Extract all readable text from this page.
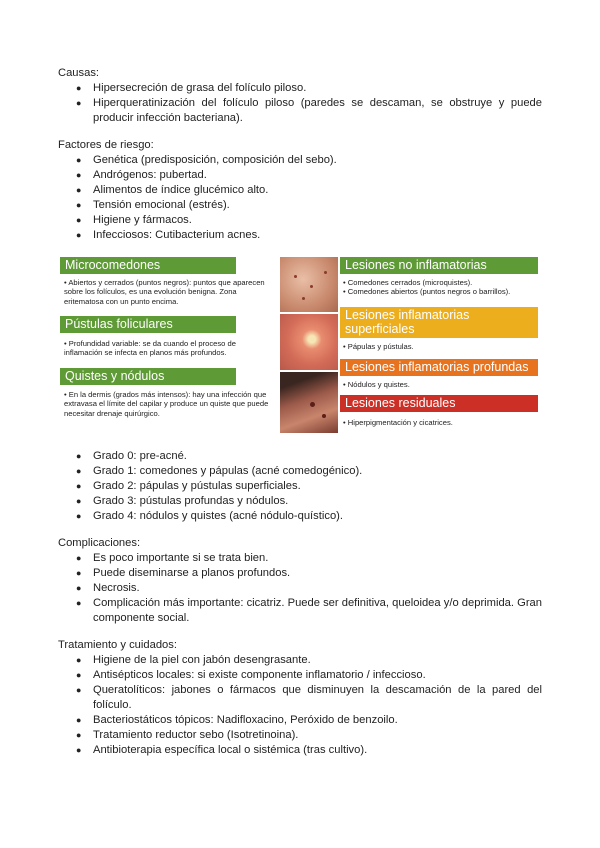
Causas:

● Hipersecreción de grasa del folículo piloso.
● Hiperqueratinización del folículo piloso (paredes se descaman, se obstruye y puede producir infección bacteriana).

Factores de riesgo:

● Genética (predisposición, composición del sebo).
● Andrógenos: pubertad.
● Alimentos de índice glucémico alto.
● Tensión emocional (estrés).
● Higiene y fármacos.
● Infecciosos: Cutibacterium acnes.
Microcomedones
• Abiertos y cerrados (puntos negros): puntos que aparecen sobre los folículos, es una evolución benigna. Zona eritematosa con un punto encima.
Pústulas foliculares
• Profundidad variable: se da cuando el proceso de inflamación se infecta en planos más profundos.
Quistes y nódulos
• En la dermis (grados más intensos): hay una infección que extravasa el límite del capilar y produce un quiste que puede necesitar drenaje quirúrgico.
Lesiones no inflamatorias

• Comedones cerrados (microquistes).

• Comedones abiertos (puntos negros o barrillos).

Lesiones inflamatorias superficiales

• Pápulas y pústulas.

Lesiones inflamatorias profundas

• Nódulos y quistes.

Lesiones residuales

• Hiperpigmentación y cicatrices.

● Grado 0: pre-acné.
● Grado 1: comedones y pápulas (acné comedogénico).
● Grado 2: pápulas y pústulas superficiales.
● Grado 3: pústulas profundas y nódulos.
● Grado 4: nódulos y quistes (acné nódulo-quístico).

Complicaciones:

● Es poco importante si se trata bien.
● Puede diseminarse a planos profundos.
● Necrosis.
● Complicación más importante: cicatriz. Puede ser definitiva, queloidea y/o deprimida. Gran componente social.

Tratamiento y cuidados:

● Higiene de la piel con jabón desengrasante.
● Antisépticos locales: si existe componente inflamatorio / infeccioso.
● Queratolíticos: jabones o fármacos que disminuyen la descamación de la pared del folículo.
● Bacteriostáticos tópicos: Nadifloxacino, Peróxido de benzoilo.
● Tratamiento reductor sebo (Isotretinoina).
● Antibioterapia específica local o sistémica (tras cultivo).
